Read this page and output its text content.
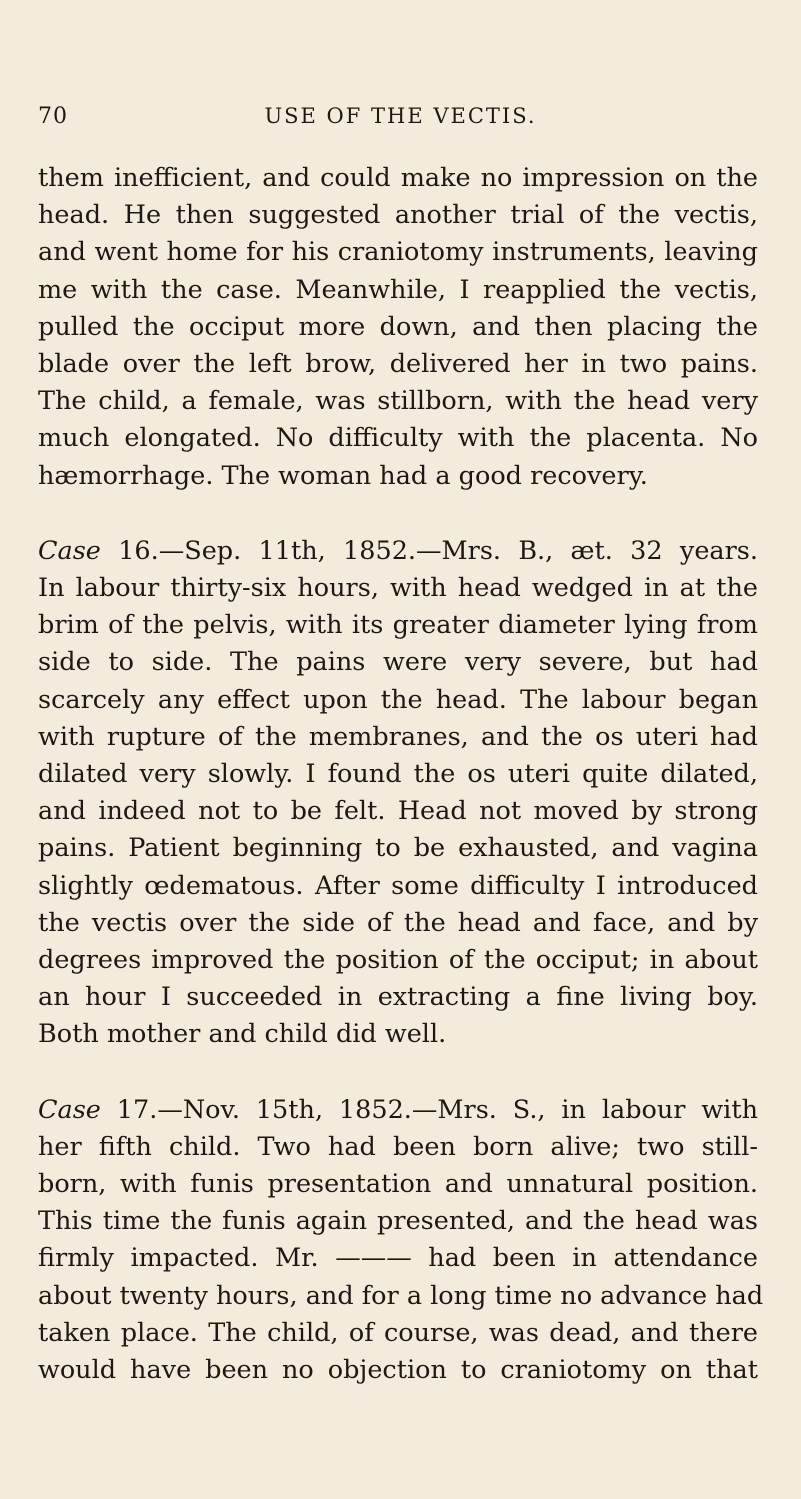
70	USE OF THE VECTIS.
them inefficient, and could make no impression on the
head. He then suggested another trial of the vectis,
and went home for his craniotomy instruments, leaving
me with the case. Meanwhile, I reapplied the vectis,
pulled the occiput more down, and then placing the
blade over the left brow, delivered her in two pains.
The child, a female, was stillborn, with the head very
much elongated. No difficulty with the placenta. No
hæmorrhage. The woman had a good recovery.
Case 16.—Sep. 11th, 1852.—Mrs. B., æt. 32 years.
In labour thirty-six hours, with head wedged in at the
brim of the pelvis, with its greater diameter lying from
side to side. The pains were very severe, but had
scarcely any effect upon the head. The labour began
with rupture of the membranes, and the os uteri had
dilated very slowly. I found the os uteri quite dilated,
and indeed not to be felt. Head not moved by strong
pains. Patient beginning to be exhausted, and vagina
slightly œdematous. After some difficulty I introduced
the vectis over the side of the head and face, and by
degrees improved the position of the occiput; in about
an hour I succeeded in extracting a fine living boy.
Both mother and child did well.
Case 17.—Nov. 15th, 1852.—Mrs. S., in labour with
her fifth child. Two had been born alive; two still-
born, with funis presentation and unnatural position.
This time the funis again presented, and the head was
firmly impacted. Mr. ——— had been in attendance
about twenty hours, and for a long time no advance had
taken place. The child, of course, was dead, and there
would have been no objection to craniotomy on that
